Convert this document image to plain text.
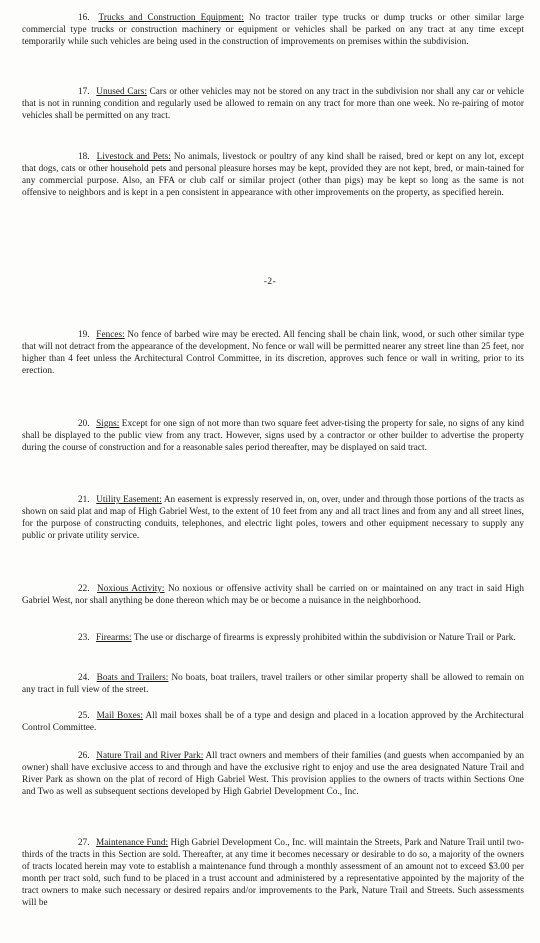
16. Trucks and Construction Equipment: No tractor trailer type trucks or dump trucks or other similar large commercial type trucks or construction machinery or equipment or vehicles shall be parked on any tract at any time except temporarily while such vehicles are being used in the construction of improvements on premises within the subdivision.

17. Unused Cars: Cars or other vehicles may not be stored on any tract in the subdivision nor shall any car or vehicle that is not in running condition and regularly used be allowed to remain on any tract for more than one week. No re-pairing of motor vehicles shall be permitted on any tract.

18. Livestock and Pets: No animals, livestock or poultry of any kind shall be raised, bred or kept on any lot, except that dogs, cats or other household pets and personal pleasure horses may be kept, provided they are not kept, bred, or main-tained for any commercial purpose. Also, an FFA or club calf or similar project (other than pigs) may be kept so long as the same is not offensive to neighbors and is kept in a pen consistent in appearance with other improvements on the property, as specified herein.

-2-

19. Fences: No fence of barbed wire may be erected. All fencing shall be chain link, wood, or such other similar type that will not detract from the appearance of the development. No fence or wall will be permitted nearer any street line than 25 feet, nor higher than 4 feet unless the Architectural Control Committee, in its discretion, approves such fence or wall in writing, prior to its erection.

20. Signs: Except for one sign of not more than two square feet adver-tising the property for sale, no signs of any kind shall be displayed to the public view from any tract. However, signs used by a contractor or other builder to advertise the property during the course of construction and for a reasonable sales period thereafter, may be displayed on said tract.

21. Utility Easement: An easement is expressly reserved in, on, over, under and through those portions of the tracts as shown on said plat and map of High Gabriel West, to the extent of 10 feet from any and all tract lines and from any and all street lines, for the purpose of constructing conduits, telephones, and electric light poles, towers and other equipment necessary to supply any public or private utility service.

22. Noxious Activity: No noxious or offensive activity shall be carried on or maintained on any tract in said High Gabriel West, nor shall anything be done thereon which may be or become a nuisance in the neighborhood.

23. Firearms: The use or discharge of firearms is expressly prohibited within the subdivision or Nature Trail or Park.

24. Boats and Trailers: No boats, boat trailers, travel trailers or other similar property shall be allowed to remain on any tract in full view of the street.

25. Mail Boxes: All mail boxes shall be of a type and design and placed in a location approved by the Architectural Control Committee.

26. Nature Trail and River Park: All tract owners and members of their families (and guests when accompanied by an owner) shall have exclusive access to and through and have the exclusive right to enjoy and use the area designated Nature Trail and River Park as shown on the plat of record of High Gabriel West. This provision applies to the owners of tracts within Sections One and Two as well as subsequent sections developed by High Gabriel Development Co., Inc.

27. Maintenance Fund: High Gabriel Development Co., Inc. will maintain the Streets, Park and Nature Trail until two-thirds of the tracts in this Section are sold. Thereafter, at any time it becomes necessary or desirable to do so, a majority of the owners of tracts located herein may vote to establish a maintenance fund through a monthly assessment of an amount not to exceed $3.00 per month per tract sold, such fund to be placed in a trust account and administered by a representative appointed by the majority of the tract owners to make such necessary or desired repairs and/or improvements to the Park, Nature Trail and Streets. Such assessments will be
